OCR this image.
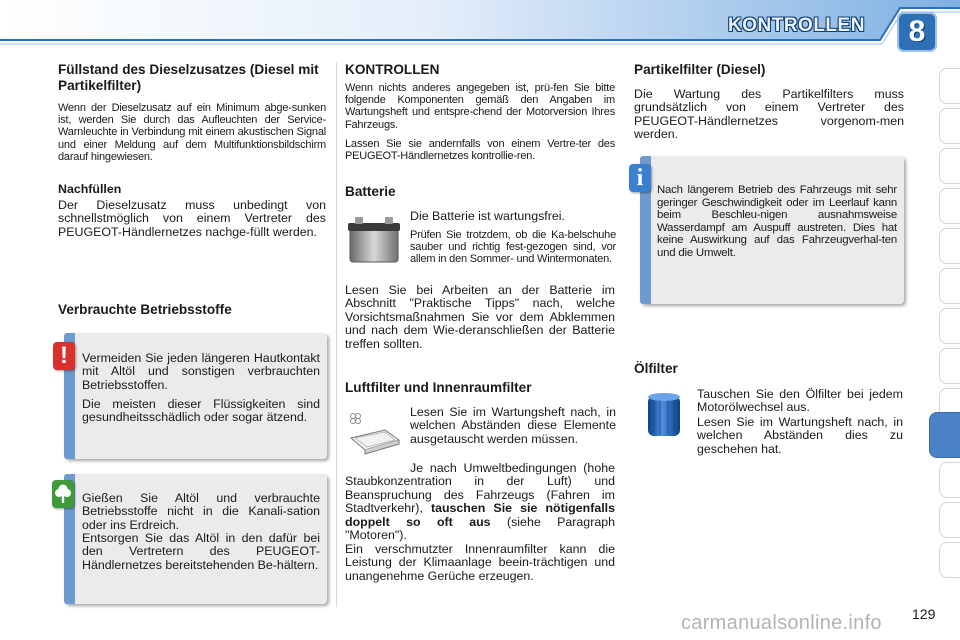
KONTROLLEN	8
Füllstand des Dieselzusatzes (Diesel mit Partikelfilter)

Wenn der Dieselzusatz auf ein Minimum abge-sunken ist, werden Sie durch das Aufleuchten der Service-Warnleuchte in Verbindung mit einem akustischen Signal und einer Meldung auf dem Multifunktionsbildschirm darauf hingewiesen.

Nachfüllen

Der Dieselzusatz muss unbedingt von schnellstmöglich von einem Vertreter des PEUGEOT-Händlernetzes nachge-füllt werden.

Verbrauchte Betriebsstoffe
!	Vermeiden Sie jeden längeren Hautkontakt mit Altöl und sonstigen verbrauchten Betriebsstoffen.

Die meisten dieser Flüssigkeiten sind gesundheitsschädlich oder sogar ätzend.

Gießen Sie Altöl und verbrauchte Betriebsstoffe nicht in die Kanali-sation oder ins Erdreich.

Entsorgen Sie das Altöl in den dafür bei den Vertretern des PEUGEOT-Händlernetzes bereitstehenden Be-hältern.

KONTROLLEN

Wenn nichts anderes angegeben ist, prü-fen Sie bitte folgende Komponenten gemäß den Angaben im Wartungsheft und entspre-chend der Motorversion Ihres Fahrzeugs.

Lassen Sie sie andernfalls von einem Vertre-ter des PEUGEOT-Händlernetzes kontrollie-ren.

Batterie

Die Batterie ist wartungsfrei.

Prüfen Sie trotzdem, ob die Ka-belschuhe sauber und richtig fest-gezogen sind, vor allem in den Sommer- und Wintermonaten.

Lesen Sie bei Arbeiten an der Batterie im Abschnitt "Praktische Tipps" nach, welche Vorsichtsmaßnahmen Sie vor dem Abklemmen und nach dem Wie-deranschließen der Batterie treffen sollten.

Luftfilter und Innenraumfilter

Lesen Sie im Wartungsheft nach, in welchen Abständen diese Elemente ausgetauscht werden müssen.

Je nach Umweltbedingungen (hohe Staubkonzentration in der Luft) und Beanspruchung des Fahrzeugs (Fahren im Stadtverkehr), tauschen Sie sie nötigenfalls doppelt so oft aus (siehe Paragraph "Motoren").

Ein verschmutzter Innenraumfilter kann die Leistung der Klimaanlage beein-trächtigen und unangenehme Gerüche erzeugen.

Partikelfilter (Diesel)

Die Wartung des Partikelfilters muss grundsätzlich von einem Vertreter des PEUGEOT-Händlernetzes vorgenom-men werden.

i	Nach längerem Betrieb des Fahrzeugs mit sehr geringer Geschwindigkeit oder im Leerlauf kann beim Beschleu-nigen ausnahmsweise Wasserdampf am Auspuff austreten. Dies hat keine Auswirkung auf das Fahrzeugverhal-ten und die Umwelt.

Ölfilter

Tauschen Sie den Ölfilter bei jedem Motorölwechsel aus.

Lesen Sie im Wartungsheft nach, in welchen Abständen dies zu geschehen hat.

129
carmanualsonline.info
